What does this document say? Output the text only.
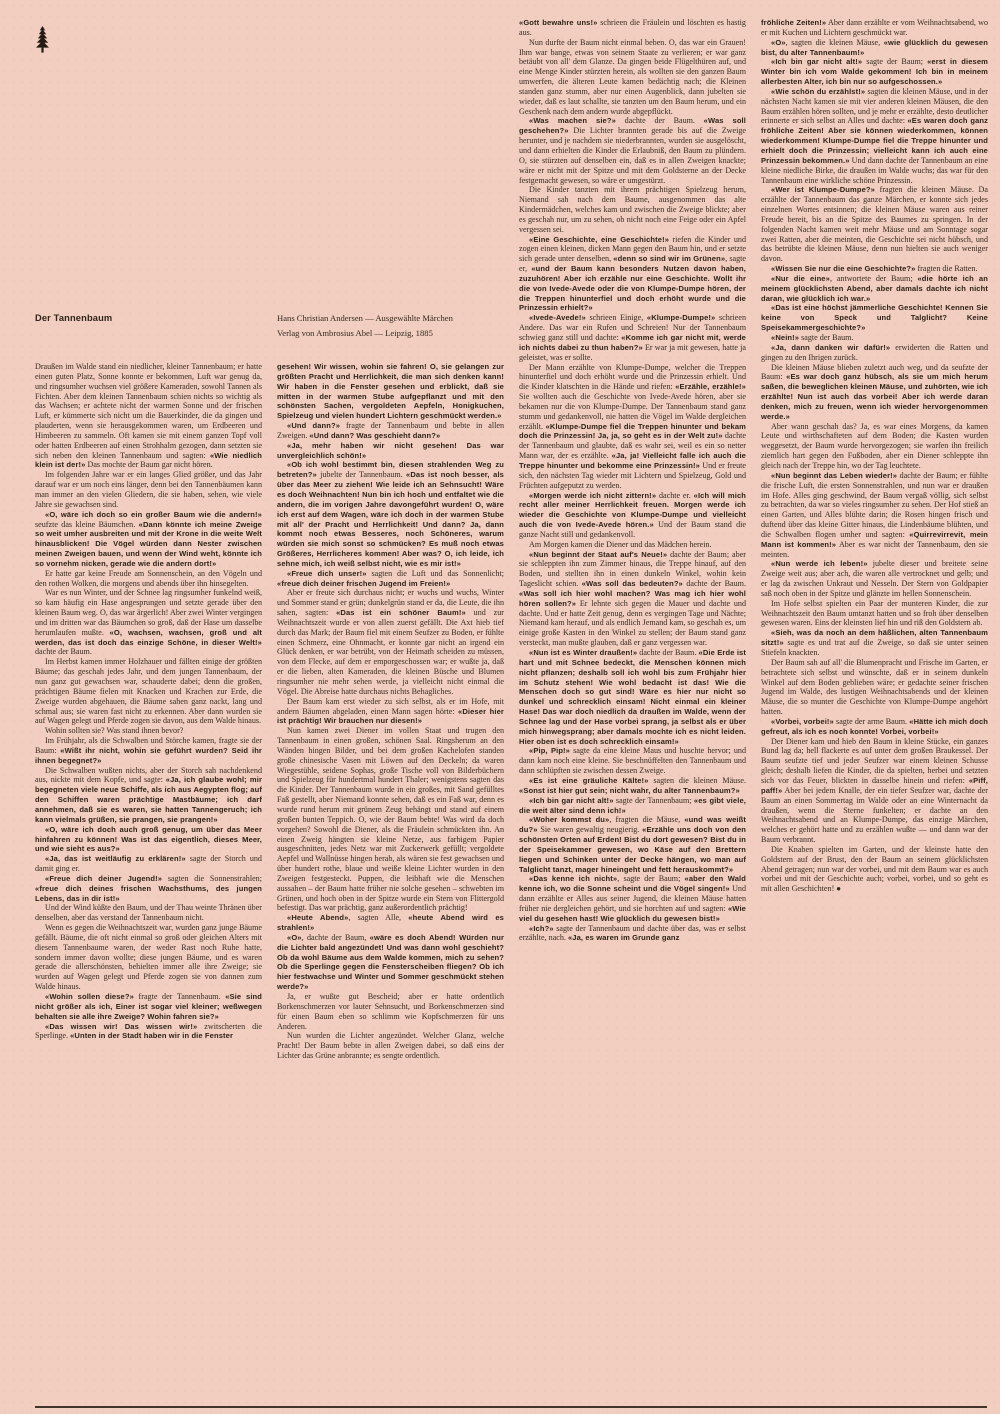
Der Tannenbaum	Hans Christian Andersen — Ausgewählte Märchen
Verlag von Ambrosius Abel — Leipzig, 1885

Draußen im Walde stand ein niedlicher, kleiner Tannenbaum; er hatte einen guten Platz, Sonne konnte er bekommen, Luft war genug da, und ringsumher wuchsen viel größere Kameraden, sowohl Tannen als Fichten. Aber dem kleinen Tannenbaum schien nichts so wichtig als das Wachsen; er achtete nicht der warmen Sonne und der frischen Luft, er kümmerte sich nicht um die Bauerkinder, die da gingen und plauderten, wenn sie herausgekommen waren, um Erdbeeren und Himbeeren zu sammeln. Oft kamen sie mit einem ganzen Topf voll oder hatten Erdbeeren auf einen Strohhalm gezogen, dann setzten sie sich neben den kleinen Tannenbaum und sagten: «Wie niedlich klein ist der!» Das mochte der Baum gar nicht hören.

Im folgenden Jahre war er ein langes Glied größer, und das Jahr darauf war er um noch eins länger, denn bei den Tannenbäumen kann man immer an den vielen Gliedern, die sie haben, sehen, wie viele Jahre sie gewachsen sind.

«O, wäre ich doch so ein großer Baum wie die andern!» seufzte das kleine Bäumchen. «Dann könnte ich meine Zweige so weit umher ausbreiten und mit der Krone in die weite Welt hinausblicken! Die Vögel würden dann Nester zwischen meinen Zweigen bauen, und wenn der Wind weht, könnte ich so vornehm nicken, gerade wie die andern dort!»

Er hatte gar keine Freude am Sonnenschein, an den Vögeln und den rothen Wolken, die morgens und abends über ihn hinsegelten.

War es nun Winter, und der Schnee lag ringsumher funkelnd weiß, so kam häufig ein Hase angesprungen und setzte gerade über den kleinen Baum weg. O, das war ärgerlich! Aber zwei Winter vergingen und im dritten war das Bäumchen so groß, daß der Hase um dasselbe herumlaufen mußte. «O, wachsen, wachsen, groß und alt werden, das ist doch das einzige Schöne, in dieser Welt!» dachte der Baum.

Im Herbst kamen immer Holzhauer und fällten einige der größten Bäume; das geschah jedes Jahr, und dem jungen Tannenbaum, der nun ganz gut gewachsen war, schauderte dabei; denn die großen, prächtigen Bäume fielen mit Knacken und Krachen zur Erde, die Zweige wurden abgehauen, die Bäume sahen ganz nackt, lang und schmal aus; sie waren fast nicht zu erkennen. Aber dann wurden sie auf Wagen gelegt und Pferde zogen sie davon, aus dem Walde hinaus.

Wohin sollten sie? Was stand ihnen bevor?

Im Frühjahr, als die Schwalben und Störche kamen, fragte sie der Baum: «Wißt ihr nicht, wohin sie geführt wurden? Seid ihr ihnen begegnet?»

Die Schwalben wußten nichts, aber der Storch sah nachdenkend aus, nickte mit dem Kopfe, und sagte: «Ja, ich glaube wohl; mir begegneten viele neue Schiffe, als ich aus Aegypten flog; auf den Schiffen waren prächtige Mastbäume; ich darf annehmen, daß sie es waren, sie hatten Tannengeruch; ich kann vielmals grüßen, sie prangen, sie prangen!»

«O, wäre ich doch auch groß genug, um über das Meer hinfahren zu können! Was ist das eigentlich, dieses Meer, und wie sieht es aus?»

«Ja, das ist weitläufig zu erklären!» sagte der Storch und damit ging er.

«Freue dich deiner Jugend!» sagten die Sonnenstrahlen; «freue dich deines frischen Wachsthums, des jungen Lebens, das in dir ist!»

Und der Wind küßte den Baum, und der Thau weinte Thränen über denselben, aber das verstand der Tannenbaum nicht.

Wenn es gegen die Weihnachtszeit war, wurden ganz junge Bäume gefällt. Bäume, die oft nicht einmal so groß oder gleichen Alters mit diesem Tannenbaume waren, der weder Rast noch Ruhe hatte, sondern immer davon wollte; diese jungen Bäume, und es waren gerade die allerschönsten, behielten immer alle ihre Zweige; sie wurden auf Wagen gelegt und Pferde zogen sie von dannen zum Walde hinaus.

«Wohin sollen diese?» fragte der Tannenbaum. «Sie sind nicht größer als ich, Einer ist sogar viel kleiner; weßwegen behalten sie alle ihre Zweige? Wohin fahren sie?»

«Das wissen wir! Das wissen wir!» zwitscherten die Sperlinge. «Unten in der Stadt haben wir in die Fenster

gesehen! Wir wissen, wohin sie fahren! O, sie gelangen zur größten Pracht und Herrlichkeit, die man sich denken kann! Wir haben in die Fenster gesehen und erblickt, daß sie mitten in der warmen Stube aufgepflanzt und mit den schönsten Sachen, vergoldeten Aepfeln, Honigkuchen, Spielzeug und vielen hundert Lichtern geschmückt werden.»

«Und dann?» fragte der Tannenbaum und bebte in allen Zweigen. «Und dann? Was geschieht dann?»

«Ja, mehr haben wir nicht gesehen! Das war unvergleichlich schön!»

«Ob ich wohl bestimmt bin, diesen strahlenden Weg zu betreten?» jubelte der Tannenbaum. «Das ist noch besser, als über das Meer zu ziehen! Wie leide ich an Sehnsucht! Wäre es doch Weihnachten! Nun bin ich hoch und entfaltet wie die andern, die im vorigen Jahre davongeführt wurden! O, wäre ich erst auf dem Wagen, wäre ich doch in der warmen Stube mit all' der Pracht und Herrlichkeit! Und dann? Ja, dann kommt noch etwas Besseres, noch Schöneres, warum würden sie mich sonst so schmücken? Es muß noch etwas Größeres, Herrlicheres kommen! Aber was? O, ich leide, ich sehne mich, ich weiß selbst nicht, wie es mir ist!»

«Freue dich unser!» sagten die Luft und das Sonnenlicht; «freue dich deiner frischen Jugend im Freien!»

Aber er freute sich durchaus nicht; er wuchs und wuchs, Winter und Sommer stand er grün; dunkelgrün stand er da, die Leute, die ihn sahen, sagten: «Das ist ein schöner Baum!» und zur Weihnachtszeit wurde er von allen zuerst gefällt. Die Axt hieb tief durch das Mark; der Baum fiel mit einem Seufzer zu Boden, er fühlte einen Schmerz, eine Ohnmacht, er konnte gar nicht an irgend ein Glück denken, er war betrübt, von der Heimath scheiden zu müssen, von dem Flecke, auf dem er emporgeschossen war; er wußte ja, daß er die lieben, alten Kameraden, die kleinen Büsche und Blumen ringsumher nie mehr sehen werde, ja vielleicht nicht einmal die Vögel. Die Abreise hatte durchaus nichts Behagliches.

Der Baum kam erst wieder zu sich selbst, als er im Hofe, mit andern Bäumen abgeladen, einen Mann sagen hörte: «Dieser hier ist prächtig! Wir brauchen nur diesen!»

Nun kamen zwei Diener im vollen Staat und trugen den Tannenbaum in einen großen, schönen Saal. Ringsherum an den Wänden hingen Bilder, und bei dem großen Kachelofen standen große chinesische Vasen mit Löwen auf den Deckeln; da waren Wiegestühle, seidene Sophas, große Tische voll von Bilderbüchern und Spielzeug für hundertmal hundert Thaler; wenigstens sagten das die Kinder. Der Tannenbaum wurde in ein großes, mit Sand gefülltes Faß gestellt, aber Niemand konnte sehen, daß es ein Faß war, denn es wurde rund herum mit grünem Zeug behängt und stand auf einem großen bunten Teppich. O, wie der Baum bebte! Was wird da doch vorgehen? Sowohl die Diener, als die Fräulein schmückten ihn. An einen Zweig hängten sie kleine Netze, aus farbigem Papier ausgeschnitten, jedes Netz war mit Zuckerwerk gefüllt; vergoldete Aepfel und Wallnüsse hingen herab, als wären sie fest gewachsen und über hundert rothe, blaue und weiße kleine Lichter wurden in den Zweigen festgesteckt. Puppen, die leibhaft wie die Menschen aussahen – der Baum hatte früher nie solche gesehen – schwebten im Grünen, und hoch oben in der Spitze wurde ein Stern von Flittergold befestigt. Das war prächtig, ganz außerordentlich prächtig!

«Heute Abend», sagten Alle, «heute Abend wird es strahlen!»

«O», dachte der Baum, «wäre es doch Abend! Würden nur die Lichter bald angezündet! Und was dann wohl geschieht? Ob da wohl Bäume aus dem Walde kommen, mich zu sehen? Ob die Sperlinge gegen die Fensterscheiben fliegen? Ob ich hier festwachse und Winter und Sommer geschmückt stehen werde?»

Ja, er wußte gut Bescheid; aber er hatte ordentlich Borkenschmerzen vor lauter Sehnsucht, und Borkenschmerzen sind für einen Baum eben so schlimm wie Kopfschmerzen für uns Anderen.

Nun wurden die Lichter angezündet. Welcher Glanz, welche Pracht! Der Baum bebte in allen Zweigen dabei, so daß eins der Lichter das Grüne anbrannte; es sengte ordentlich.

«Gott bewahre uns!» schrieen die Fräulein und löschten es hastig aus.

Nun durfte der Baum nicht einmal beben. O, das war ein Grauen! Ihm war bange, etwas von seinem Staate zu verlieren; er war ganz betäubt von all' dem Glanze. Da gingen beide Flügelthüren auf, und eine Menge Kinder stürzten herein, als wollten sie den ganzen Baum umwerfen, die älteren Leute kamen bedächtig nach; die Kleinen standen ganz stumm, aber nur einen Augenblick, dann jubelten sie wieder, daß es laut schallte, sie tanzten um den Baum herum, und ein Geschenk nach dem andern wurde abgepflückt.

«Was machen sie?» dachte der Baum. «Was soll geschehen?» Die Lichter brannten gerade bis auf die Zweige herunter, und je nachdem sie niederbrannten, wurden sie ausgelöscht, und dann erhielten die Kinder die Erlaubniß, den Baum zu plündern. O, sie stürzten auf denselben ein, daß es in allen Zweigen knackte; wäre er nicht mit der Spitze und mit dem Goldsterne an der Decke festgemacht gewesen, so wäre er umgestürzt.

Die Kinder tanzten mit ihrem prächtigen Spielzeug herum, Niemand sah nach dem Baume, ausgenommen das alte Kindermädchen, welches kam und zwischen die Zweige blickte; aber es geschah nur, um zu sehen, ob nicht noch eine Feige oder ein Apfel vergessen sei.

«Eine Geschichte, eine Geschichte!» riefen die Kinder und zogen einen kleinen, dicken Mann gegen den Baum hin, und er setzte sich gerade unter denselben, «denn so sind wir im Grünen», sagte er, «und der Baum kann besonders Nutzen davon haben, zuzuhören! Aber ich erzähle nur eine Geschichte. Wollt ihr die von Ivede-Avede oder die von Klumpe-Dumpe hören, der die Treppen hinunterfiel und doch erhöht wurde und die Prinzessin erhielt?»

«Ivede-Avede!» schrieen Einige, «Klumpe-Dumpe!» schrieen Andere. Das war ein Rufen und Schreien! Nur der Tannenbaum schwieg ganz still und dachte: «Komme ich gar nicht mit, werde ich nichts dabei zu thun haben?» Er war ja mit gewesen, hatte ja geleistet, was er sollte.

Der Mann erzählte von Klumpe-Dumpe, welcher die Treppen hinunterfiel und doch erhöht wurde und die Prinzessin erhielt. Und die Kinder klatschten in die Hände und riefen: «Erzähle, erzähle!» Sie wollten auch die Geschichte von Ivede-Avede hören, aber sie bekamen nur die von Klumpe-Dumpe. Der Tannenbaum stand ganz stumm und gedankenvoll, nie hatten die Vögel im Walde dergleichen erzählt. «Klumpe-Dumpe fiel die Treppen hinunter und bekam doch die Prinzessin! Ja, ja, so geht es in der Welt zu!» dachte der Tannenbaum und glaubte, daß es wahr sei, weil es ein so netter Mann war, der es erzählte. «Ja, ja! Vielleicht falle ich auch die Treppe hinunter und bekomme eine Prinzessin!» Und er freute sich, den nächsten Tag wieder mit Lichtern und Spielzeug, Gold und Früchten aufgeputzt zu werden.

«Morgen werde ich nicht zittern!» dachte er. «Ich will mich recht aller meiner Herrlichkeit freuen. Morgen werde ich wieder die Geschichte von Klumpe-Dumpe und vielleicht auch die von Ivede-Avede hören.» Und der Baum stand die ganze Nacht still und gedankenvoll.

Am Morgen kamen die Diener und das Mädchen herein.

«Nun beginnt der Staat auf's Neue!» dachte der Baum; aber sie schleppten ihn zum Zimmer hinaus, die Treppe hinauf, auf den Boden, und stellten ihn in einen dunkeln Winkel, wohin kein Tageslicht schien. «Was soll das bedeuten?» dachte der Baum. «Was soll ich hier wohl machen? Was mag ich hier wohl hören sollen?» Er lehnte sich gegen die Mauer und dachte und dachte. Und er hatte Zeit genug, denn es vergingen Tage und Nächte; Niemand kam herauf, und als endlich Jemand kam, so geschah es, um einige große Kasten in den Winkel zu stellen; der Baum stand ganz versteckt, man mußte glauben, daß er ganz vergessen war.

«Nun ist es Winter draußen!» dachte der Baum. «Die Erde ist hart und mit Schnee bedeckt, die Menschen können mich nicht pflanzen; deshalb soll ich wohl bis zum Frühjahr hier im Schutz stehen! Wie wohl bedacht ist das! Wie die Menschen doch so gut sind! Wäre es hier nur nicht so dunkel und schrecklich einsam! Nicht einmal ein kleiner Hase! Das war doch niedlich da draußen im Walde, wenn der Schnee lag und der Hase vorbei sprang, ja selbst als er über mich hinwegsprang; aber damals mochte ich es nicht leiden. Hier oben ist es doch schrecklich einsam!»

«Pip, Pip!» sagte da eine kleine Maus und huschte hervor; und dann kam noch eine kleine. Sie beschnüffelten den Tannenbaum und dann schlüpften sie zwischen dessen Zweige.

«Es ist eine gräuliche Kälte!» sagten die kleinen Mäuse. «Sonst ist hier gut sein; nicht wahr, du alter Tannenbaum?»

«Ich bin gar nicht alt!» sagte der Tannenbaum; «es gibt viele, die weit älter sind denn ich!»

«Woher kommst du», fragten die Mäuse, «und was weißt du?» Sie waren gewaltig neugierig. «Erzähle uns doch von den schönsten Orten auf Erden! Bist du dort gewesen? Bist du in der Speisekammer gewesen, wo Käse auf den Brettern liegen und Schinken unter der Decke hängen, wo man auf Talglicht tanzt, mager hineingeht und fett herauskommt?»

«Das kenne ich nicht», sagte der Baum; «aber den Wald kenne ich, wo die Sonne scheint und die Vögel singen!» Und dann erzählte er Alles aus seiner Jugend, die kleinen Mäuse hatten früher nie dergleichen gehört, und sie horchten auf und sagten: «Wie viel du gesehen hast! Wie glücklich du gewesen bist!»

«Ich?» sagte der Tannenbaum und dachte über das, was er selbst erzählte, nach. «Ja, es waren im Grunde ganz

fröhliche Zeiten!» Aber dann erzählte er vom Weihnachtsabend, wo er mit Kuchen und Lichtern geschmückt war.

«O», sagten die kleinen Mäuse, «wie glücklich du gewesen bist, du alter Tannenbaum!»

«Ich bin gar nicht alt!» sagte der Baum; «erst in diesem Winter bin ich vom Walde gekommen! Ich bin in meinem allerbesten Alter, ich bin nur so aufgeschossen.»

«Wie schön du erzählst!» sagten die kleinen Mäuse, und in der nächsten Nacht kamen sie mit vier anderen kleinen Mäusen, die den Baum erzählen hören sollten, und je mehr er erzählte, desto deutlicher erinnerte er sich selbst an Alles und dachte: «Es waren doch ganz fröhliche Zeiten! Aber sie können wiederkommen, können wiederkommen! Klumpe-Dumpe fiel die Treppe hinunter und erhielt doch die Prinzessin; vielleicht kann ich auch eine Prinzessin bekommen.» Und dann dachte der Tannenbaum an eine kleine niedliche Birke, die draußen im Walde wuchs; das war für den Tannenbaum eine wirkliche schöne Prinzessin.

«Wer ist Klumpe-Dumpe?» fragten die kleinen Mäuse. Da erzählte der Tannenbaum das ganze Märchen, er konnte sich jedes einzelnen Wortes entsinnen; die kleinen Mäuse waren aus reiner Freude bereit, bis an die Spitze des Baumes zu springen. In der folgenden Nacht kamen weit mehr Mäuse und am Sonntage sogar zwei Ratten, aber die meinten, die Geschichte sei nicht hübsch, und das betrübte die kleinen Mäuse, denn nun hielten sie auch weniger davon.

«Wissen Sie nur die eine Geschichte?» fragten die Ratten.

«Nur die eine», antwortete der Baum; «die hörte ich an meinem glücklichsten Abend, aber damals dachte ich nicht daran, wie glücklich ich war.»

«Das ist eine höchst jämmerliche Geschichte! Kennen Sie keine von Speck und Talglicht? Keine Speisekammergeschichte?»

«Nein!» sagte der Baum.

«Ja, dann danken wir dafür!» erwiderten die Ratten und gingen zu den Ihrigen zurück.

Die kleinen Mäuse blieben zuletzt auch weg, und da seufzte der Baum: «Es war doch ganz hübsch, als sie um mich herum saßen, die beweglichen kleinen Mäuse, und zuhörten, wie ich erzählte! Nun ist auch das vorbei! Aber ich werde daran denken, mich zu freuen, wenn ich wieder hervorgenommen werde.»

Aber wann geschah das? Ja, es war eines Morgens, da kamen Leute und wirthschafteten auf dem Boden; die Kasten wurden weggesetzt, der Baum wurde hervorgezogen; sie warfen ihn freilich ziemlich hart gegen den Fußboden, aber ein Diener schleppte ihn gleich nach der Treppe hin, wo der Tag leuchtete.

«Nun beginnt das Leben wieder!» dachte der Baum; er fühlte die frische Luft, die ersten Sonnenstrahlen, und nun war er draußen im Hofe. Alles ging geschwind, der Baum vergaß völlig, sich selbst zu betrachten, da war so vieles ringsumher zu sehen. Der Hof stieß an einen Garten, und Alles blühte darin; die Rosen hingen frisch und duftend über das kleine Gitter hinaus, die Lindenbäume blühten, und die Schwalben flogen umher und sagten: «Quirrevirrevit, mein Mann ist kommen!» Aber es war nicht der Tannenbaum, den sie meinten.

«Nun werde ich leben!» jubelte dieser und breitete seine Zweige weit aus; aber ach, die waren alle vertrocknet und gelb; und er lag da zwischen Unkraut und Nesseln. Der Stern von Goldpapier saß noch oben in der Spitze und glänzte im hellen Sonnenschein.

Im Hofe selbst spielten ein Paar der munteren Kinder, die zur Weihnachtszeit den Baum umtanzt hatten und so froh über denselben gewesen waren. Eins der kleinsten lief hin und riß den Goldstern ab.

«Sieh, was da noch an dem häßlichen, alten Tannenbaum sitzt!» sagte es und trat auf die Zweige, so daß sie unter seinen Stiefeln knackten.

Der Baum sah auf all' die Blumenpracht und Frische im Garten, er betrachtete sich selbst und wünschte, daß er in seinem dunkeln Winkel auf dem Boden geblieben wäre; er gedachte seiner frischen Jugend im Walde, des lustigen Weihnachtsabends und der kleinen Mäuse, die so munter die Geschichte von Klumpe-Dumpe angehört hatten.

«Vorbei, vorbei!» sagte der arme Baum. «Hätte ich mich doch gefreut, als ich es noch konnte! Vorbei, vorbei!»

Der Diener kam und hieb den Baum in kleine Stücke, ein ganzes Bund lag da; hell flackerte es auf unter dem großen Braukessel. Der Baum seufzte tief und jeder Seufzer war einem kleinen Schusse gleich; deshalb liefen die Kinder, die da spielten, herbei und setzten sich vor das Feuer, blickten in dasselbe hinein und riefen: «Piff, paff!» Aber bei jedem Knalle, der ein tiefer Seufzer war, dachte der Baum an einen Sommertag im Walde oder an eine Winternacht da draußen, wenn die Sterne funkelten; er dachte an den Weihnachtsabend und an Klumpe-Dumpe, das einzige Märchen, welches er gehört hatte und zu erzählen wußte — und dann war der Baum verbrannt.

Die Knaben spielten im Garten, und der kleinste hatte den Goldstern auf der Brust, den der Baum an seinem glücklichsten Abend getragen; nun war der vorbei, und mit dem Baum war es auch vorbei und mit der Geschichte auch; vorbei, vorbei, und so geht es mit allen Geschichten! ●
